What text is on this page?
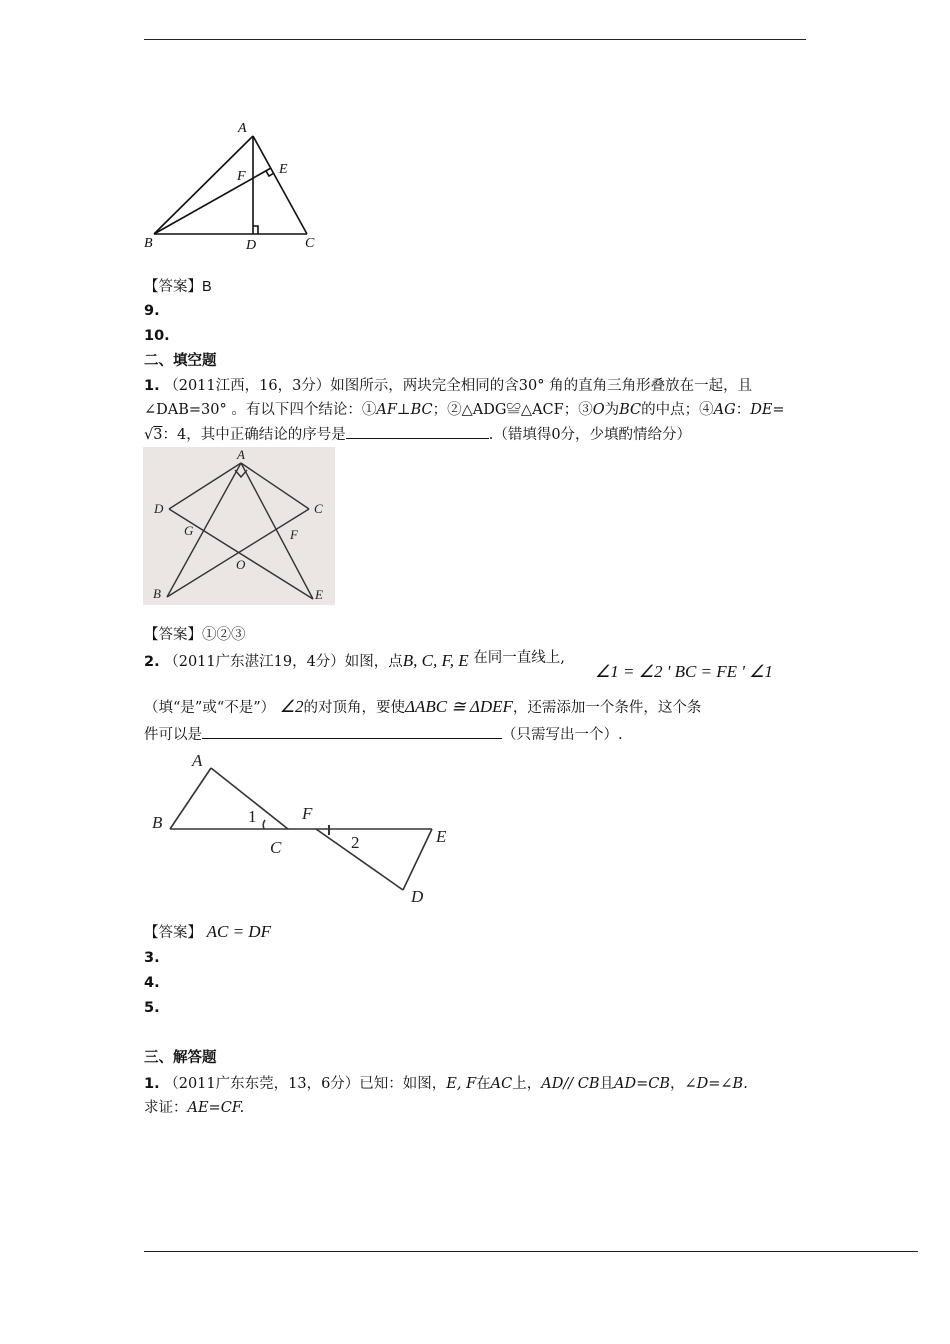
A
E
F
B	D	C
【答案】B
9.
10.
二、填空题
1. （2011江西，16，3分）如图所示，两块完全相同的含30° 角的直角三角形叠放在一起，且
∠DAB=30° 。有以下四个结论：①AF⊥BC；②△ADG≌△ACF；③O为BC的中点；④AG：DE=
√3：4，其中正确结论的序号是	.（错填得0分，少填酌情给分）
A
D	C
G	F
O
B	E
【答案】①②③
2. （2011广东湛江19，4分）如图，点B, C, F, E 在同一直线上,
∠1 = ∠2 ' BC = FE ' ∠1
（填“是”或“不是”） ∠2的对顶角，要使ΔABC ≅ ΔDEF，还需添加一个条件，这个条
件可以是	（只需写出一个）.
A
B	1	F
C	2	E
D
【答案】 AC = DF
3.
4.
5.
三、解答题
1. （2011广东东莞，13，6分）已知：如图，E, F在AC上，AD// CB且AD=CB，∠D=∠B.
求证：AE=CF.
